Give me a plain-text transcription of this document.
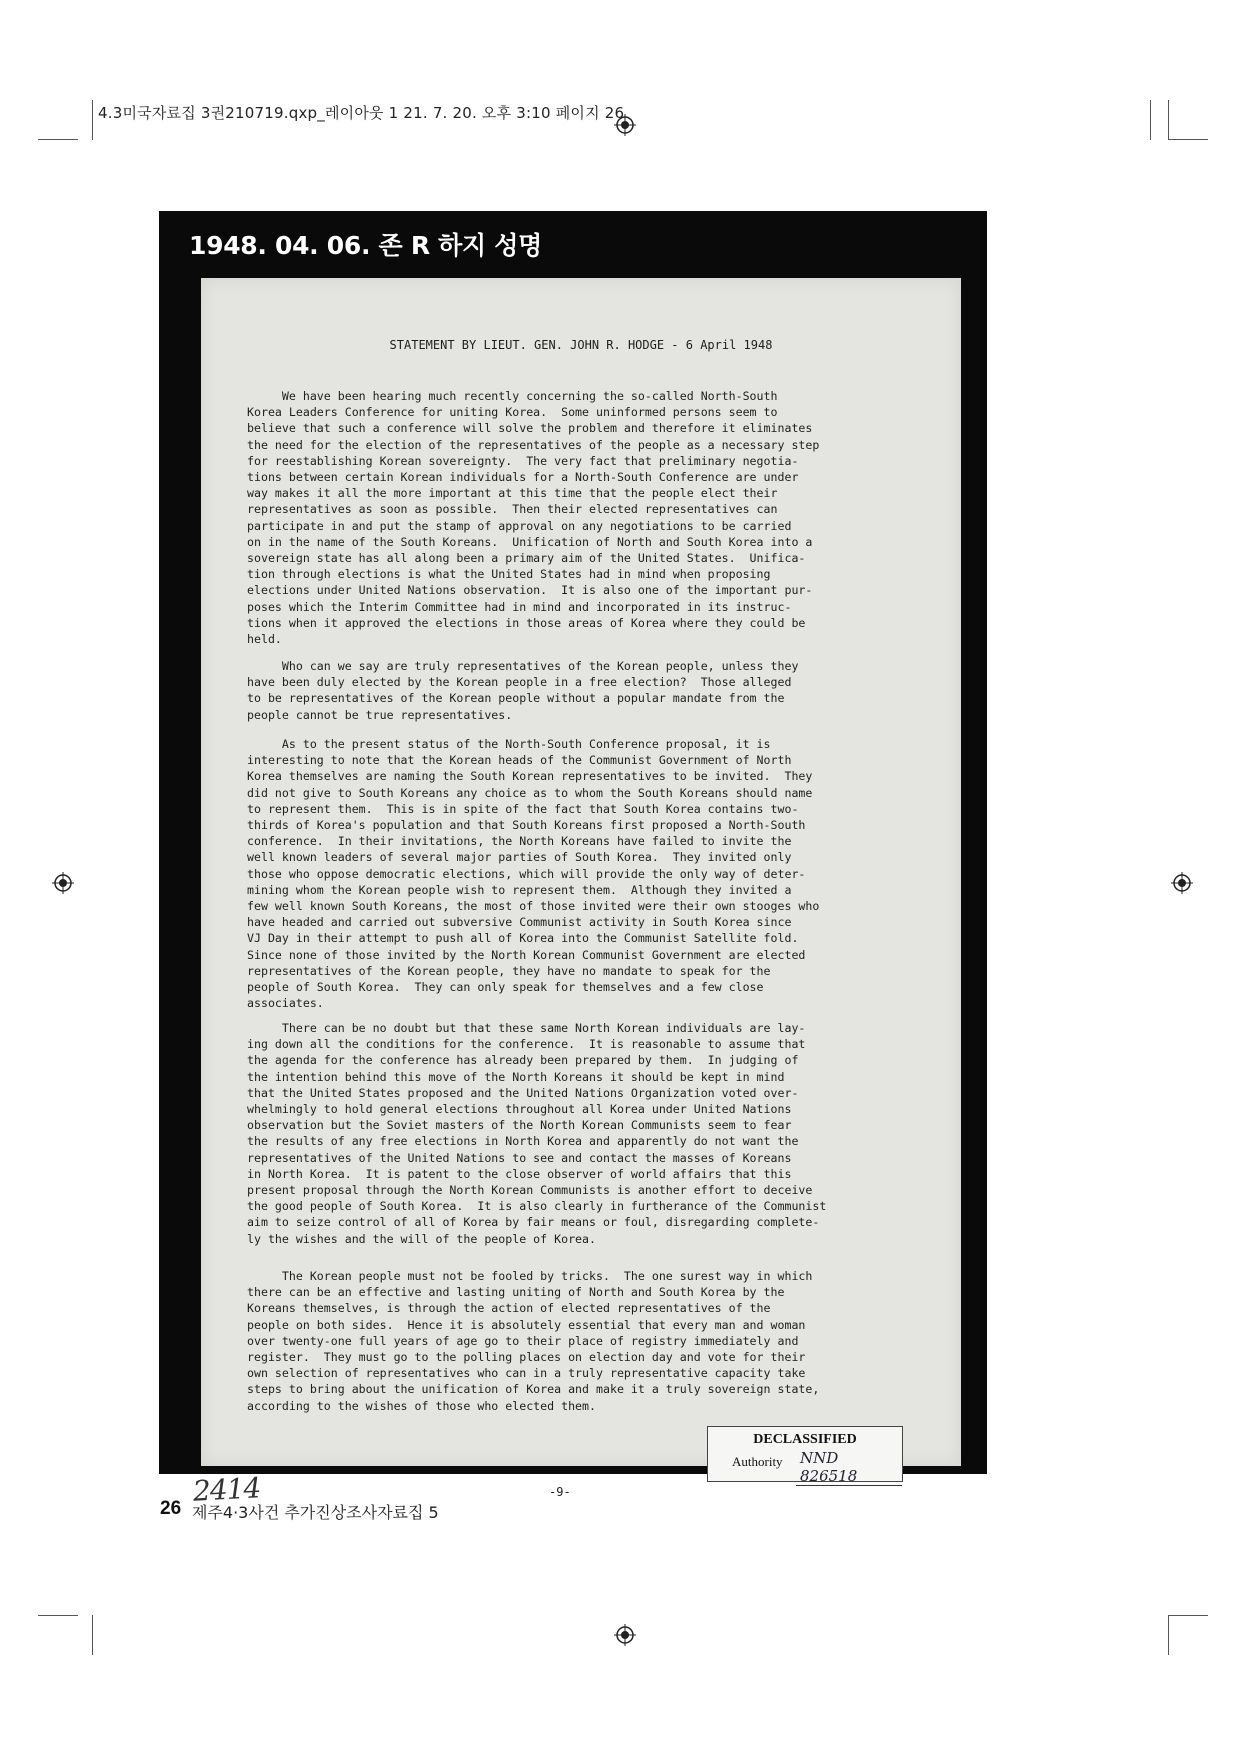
4.3미국자료집 3권210719.qxp_레이아웃 1 21. 7. 20. 오후 3:10 페이지 26
1948. 04. 06. 존 R 하지 성명
STATEMENT BY LIEUT. GEN. JOHN R. HODGE - 6 April 1948
We have been hearing much recently concerning the so-called North-South
Korea Leaders Conference for uniting Korea.  Some uninformed persons seem to
believe that such a conference will solve the problem and therefore it eliminates
the need for the election of the representatives of the people as a necessary step
for reestablishing Korean sovereignty.  The very fact that preliminary negotia-
tions between certain Korean individuals for a North-South Conference are under
way makes it all the more important at this time that the people elect their
representatives as soon as possible.  Then their elected representatives can
participate in and put the stamp of approval on any negotiations to be carried
on in the name of the South Koreans.  Unification of North and South Korea into a
sovereign state has all along been a primary aim of the United States.  Unifica-
tion through elections is what the United States had in mind when proposing
elections under United Nations observation.  It is also one of the important pur-
poses which the Interim Committee had in mind and incorporated in its instruc-
tions when it approved the elections in those areas of Korea where they could be
held.
Who can we say are truly representatives of the Korean people, unless they
have been duly elected by the Korean people in a free election?  Those alleged
to be representatives of the Korean people without a popular mandate from the
people cannot be true representatives.
As to the present status of the North-South Conference proposal, it is
interesting to note that the Korean heads of the Communist Government of North
Korea themselves are naming the South Korean representatives to be invited.  They
did not give to South Koreans any choice as to whom the South Koreans should name
to represent them.  This is in spite of the fact that South Korea contains two-
thirds of Korea's population and that South Koreans first proposed a North-South
conference.  In their invitations, the North Koreans have failed to invite the
well known leaders of several major parties of South Korea.  They invited only
those who oppose democratic elections, which will provide the only way of deter-
mining whom the Korean people wish to represent them.  Although they invited a
few well known South Koreans, the most of those invited were their own stooges who
have headed and carried out subversive Communist activity in South Korea since
VJ Day in their attempt to push all of Korea into the Communist Satellite fold.
Since none of those invited by the North Korean Communist Government are elected
representatives of the Korean people, they have no mandate to speak for the
people of South Korea.  They can only speak for themselves and a few close
associates.
There can be no doubt but that these same North Korean individuals are lay-
ing down all the conditions for the conference.  It is reasonable to assume that
the agenda for the conference has already been prepared by them.  In judging of
the intention behind this move of the North Koreans it should be kept in mind
that the United States proposed and the United Nations Organization voted over-
whelmingly to hold general elections throughout all Korea under United Nations
observation but the Soviet masters of the North Korean Communists seem to fear
the results of any free elections in North Korea and apparently do not want the
representatives of the United Nations to see and contact the masses of Koreans
in North Korea.  It is patent to the close observer of world affairs that this
present proposal through the North Korean Communists is another effort to deceive
the good people of South Korea.  It is also clearly in furtherance of the Communist
aim to seize control of all of Korea by fair means or foul, disregarding complete-
ly the wishes and the will of the people of Korea.
The Korean people must not be fooled by tricks.  The one surest way in which
there can be an effective and lasting uniting of North and South Korea by the
Koreans themselves, is through the action of elected representatives of the
people on both sides.  Hence it is absolutely essential that every man and woman
over twenty-one full years of age go to their place of registry immediately and
register.  They must go to the polling places on election day and vote for their
own selection of representatives who can in a truly representative capacity take
steps to bring about the unification of Korea and make it a truly sovereign state,
according to the wishes of those who elected them.
-9-
2414
DECLASSIFIED
Authority NND 826518
26 제주4·3사건 추가진상조사자료집 5
